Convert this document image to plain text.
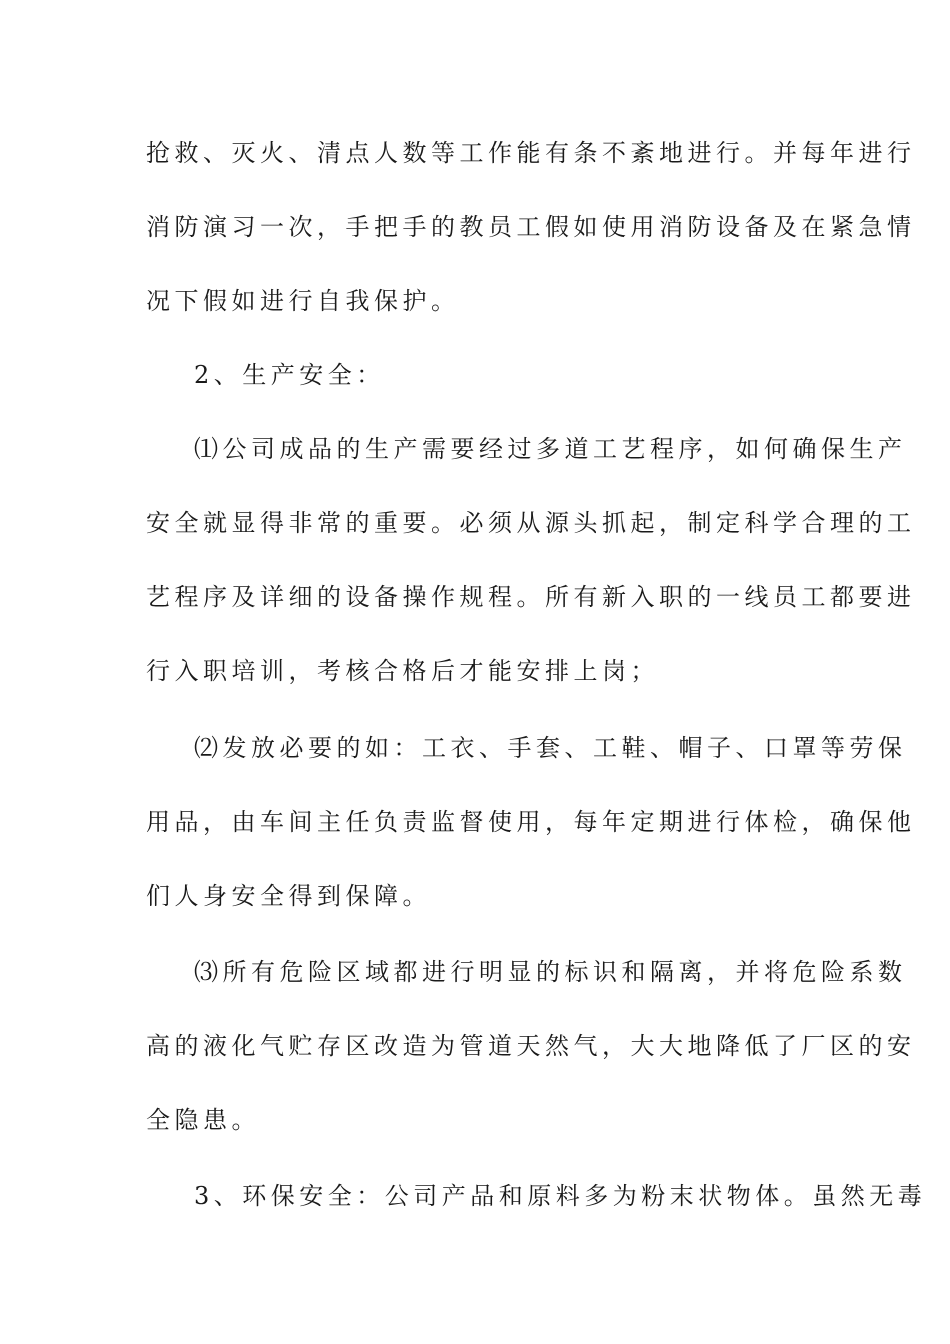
抢救、灭火、清点人数等工作能有条不紊地进行。并每年进行
消防演习一次，手把手的教员工假如使用消防设备及在紧急情
况下假如进行自我保护。
2、生产安全：
⑴公司成品的生产需要经过多道工艺程序，如何确保生产
安全就显得非常的重要。必须从源头抓起，制定科学合理的工
艺程序及详细的设备操作规程。所有新入职的一线员工都要进
行入职培训，考核合格后才能安排上岗；
⑵发放必要的如：工衣、手套、工鞋、帽子、口罩等劳保
用品，由车间主任负责监督使用，每年定期进行体检，确保他
们人身安全得到保障。
⑶所有危险区域都进行明显的标识和隔离，并将危险系数
高的液化气贮存区改造为管道天然气，大大地降低了厂区的安
全隐患。
3、环保安全：公司产品和原料多为粉末状物体。虽然无毒
